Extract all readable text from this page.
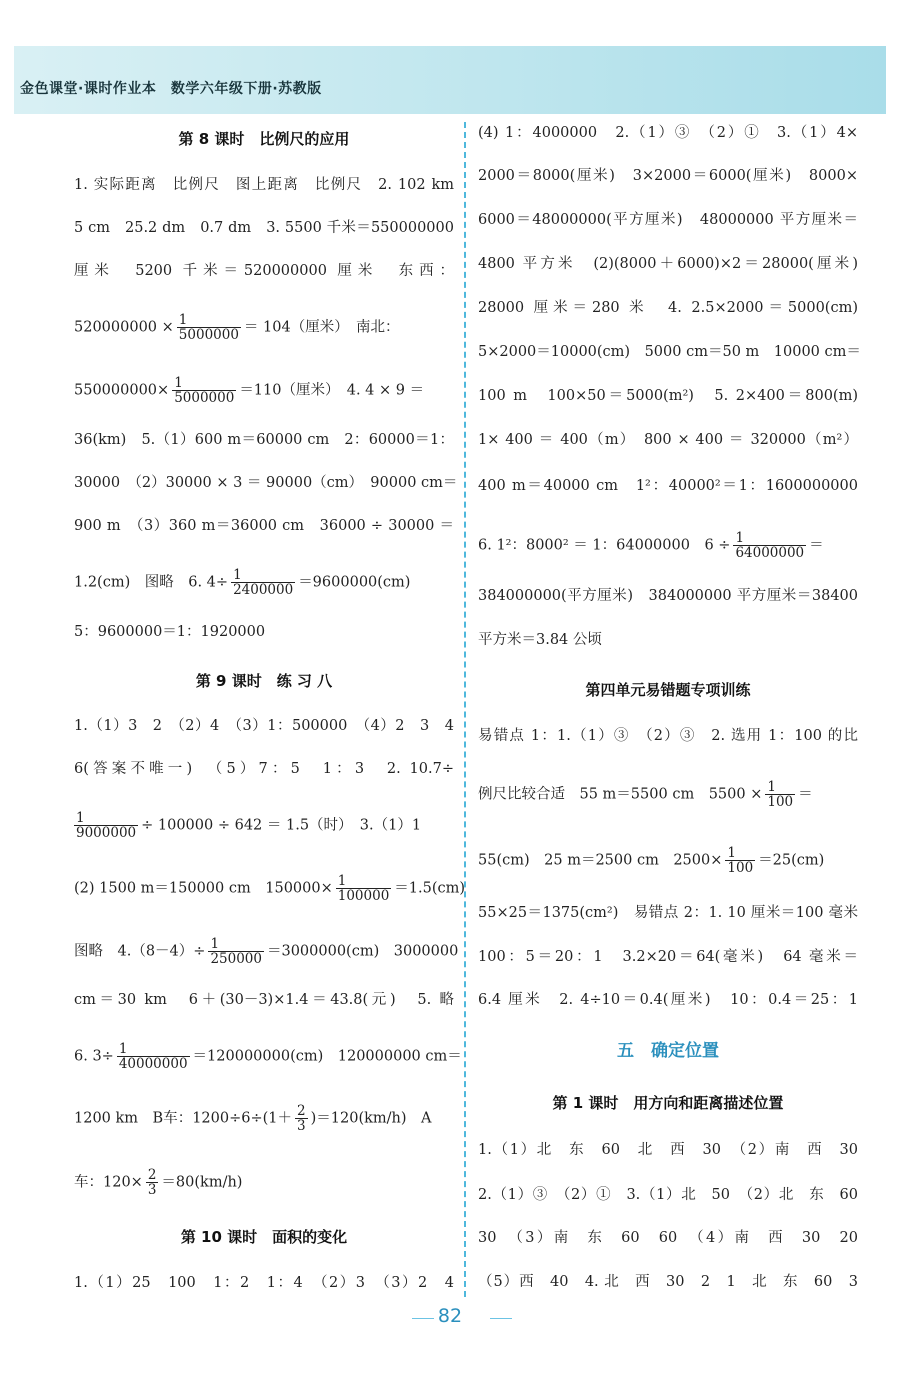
金色课堂·课时作业本　数学六年级下册·苏教版
第 8 课时　比例尺的应用
1. 实际距离　比例尺　图上距离　比例尺　2. 102 km
5 cm　25.2 dm　0.7 dm　3. 5500 千米＝550000000
厘米　5200 千米＝520000000 厘米　东西：
$520000000 \times \frac{1}{5000000} = 104$（厘米）　南北：
$550000000\times \frac{1}{5000000} =110$（厘米）　4. 4 × 9 ＝
36(km)　5.（1）600 m＝60000 cm　2：60000＝1：
30000　（2）30000 × 3 ＝ 90000（cm）　90000 cm＝
900 m　（3）360 m＝36000 cm　36000 ÷ 30000 ＝
1.2(cm)　图略　6. $4\div \frac{1}{2400000} =9600000(cm)$
5：9600000＝1：1920000
第 9 课时　练 习 八
1.（1）3　2　（2）4　（3）1：500000　（4）2　3　4
6(答案不唯一)　（5）7：5　1：3　2. 10.7÷
$\frac{1}{9000000} \div 100000 \div 642 = 1.5$（时）　3.（1）1
(2) 1500 m＝150000 cm　$150000\times \frac{1}{100000} =1.5(cm)$
图略　$4.(8-4)\div \frac{1}{250000} =3000000(cm)$　3000000
cm＝30 km　6＋(30－3)×1.4＝43.8(元)　5. 略
6. $3\div \frac{1}{40000000} =120000000(cm)$　120000000 cm＝
1200 km　B车：$1200\div 6\div(1+ \frac{2}{3} )=120(km/h)$　A
车：$120\times \frac{2}{3} =80(km/h)$
第 10 课时　面积的变化
1.（1）25　100　1：2　1：4　（2）3　（3）2　4
(4) 1：4000000　2.（1）③　（2）①　3.（1）4×
2000＝8000(厘米)　3×2000＝6000(厘米)　8000×
6000＝48000000(平方厘米)　48000000 平方厘米＝
4800 平方米　(2)(8000＋6000)×2＝28000(厘米)
28000 厘米＝280 米　4. 2.5×2000＝5000(cm)
5×2000＝10000(cm)　5000 cm＝50 m　10000 cm＝
100 m　100×50＝5000(m²)　5. 2×400＝800(m)
1× 400 ＝ 400（m）　800 × 400 ＝ 320000（m²）
400 m＝40000 cm　1²：40000²＝1：1600000000
6. 1²：8000² ＝ 1：64000000　$6 \div \frac{1}{64000000}$ ＝
384000000(平方厘米)　384000000 平方厘米＝38400
平方米＝3.84 公顷
第四单元易错题专项训练
易错点 1：1.（1）③　（2）③　2. 选用 1：100 的比
例尺比较合适　55 m＝5500 cm　$5500 \times \frac{1}{100}$ ＝
55(cm)　25 m＝2500 cm　$2500\times \frac{1}{100} =25(cm)$
55×25＝1375(cm²)　易错点 2：1. 10 厘米＝100 毫米
100：5＝20：1　3.2×20＝64(毫米)　64 毫米＝
6.4 厘米　2. 4÷10＝0.4(厘米)　10：0.4＝25：1
五　确定位置
第 1 课时　用方向和距离描述位置
1.（1）北　东　60　北　西　30　（2）南　西　30
2.（1）③　（2）①　3.（1）北　50　（2）北　东　60
30　（3）南　东　60　60　（4）南　西　30　20
（5）西　40　4. 北　西　30　2　1　北　东　60　3
82
